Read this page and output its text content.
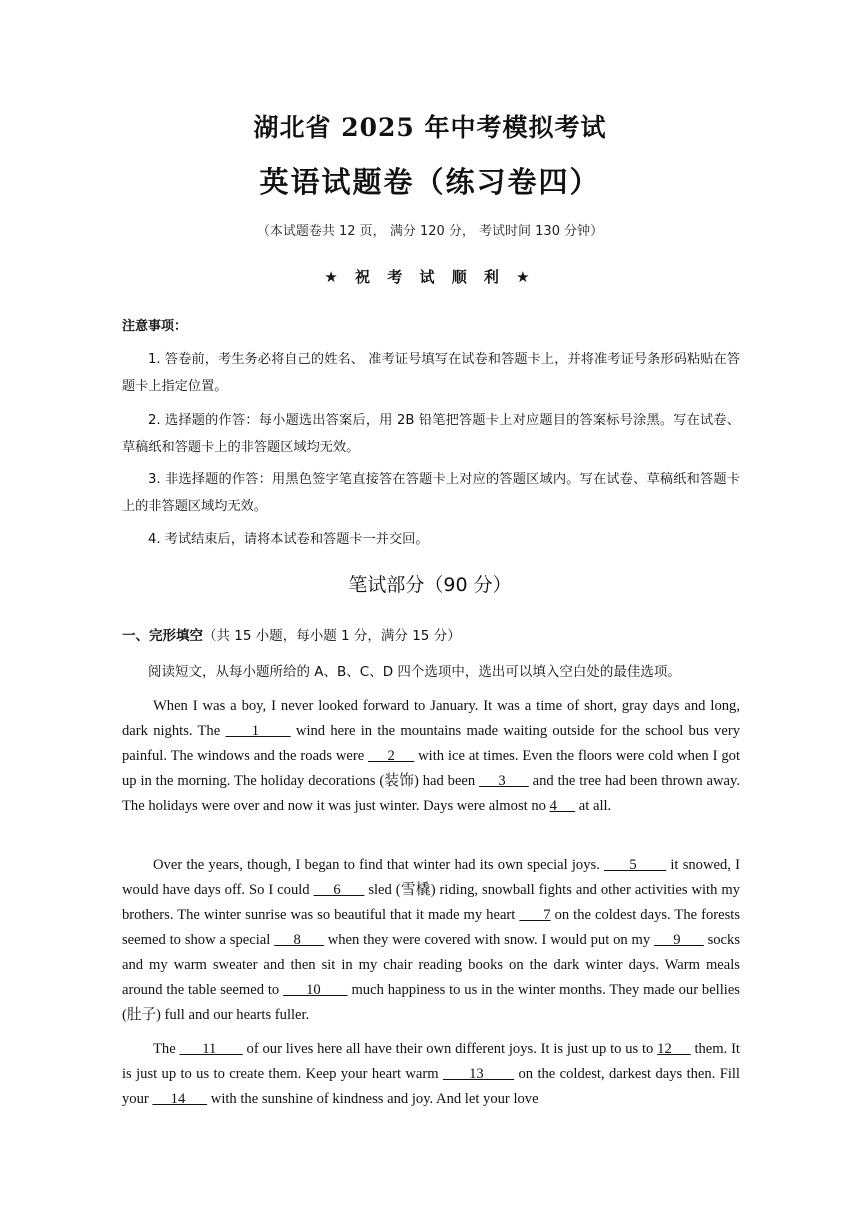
湖北省 2025 年中考模拟考试
英语试题卷（练习卷四）
（本试题卷共 12 页， 满分 120 分， 考试时间 130 分钟）
★ 祝 考 试 顺 利 ★
注意事项：
1. 答卷前，考生务必将自己的姓名、 准考证号填写在试卷和答题卡上，并将准考证号条形码粘贴在答题卡上指定位置。
2. 选择题的作答：每小题选出答案后，用 2B 铅笔把答题卡上对应题目的答案标号涂黑。写在试卷、 草稿纸和答题卡上的非答题区域均无效。
3. 非选择题的作答：用黑色签字笔直接答在答题卡上对应的答题区域内。写在试卷、草稿纸和答题卡上的非答题区域均无效。
4. 考试结束后，请将本试卷和答题卡一并交回。
笔试部分（90 分）
一、完形填空（共 15 小题，每小题 1 分，满分 15 分）
阅读短文，从每小题所给的 A、B、C、D 四个选项中，选出可以填入空白处的最佳选项。
When I was a boy, I never looked forward to January. It was a time of short, gray days and long, dark nights. The      1       wind here in the mountains made waiting outside for the school bus very painful. The windows and the roads were      2      with ice at times. Even the floors were cold when I got up in the morning. The holiday decorations (装饰) had been      3       and the tree had been thrown away. The holidays were over and now it was just winter. Days were almost no 4      at all.
Over the years, though, I began to find that winter had its own special joys.       5        it snowed, I would have days off. So I could      6       sled (雪橇) riding, snowball fights and other activities with my brothers. The winter sunrise was so beautiful that it made my heart       7 on the coldest days. The forests seemed to show a special      8       when they were covered with snow. I would put on my      9       socks and my warm sweater and then sit in my chair reading books on the dark winter days. Warm meals around the table seemed to       10        much happiness to us in the winter months. They made our bellies (肚子) full and our hearts fuller.
The       11        of our lives here all have their own different joys. It is just up to us to 12      them. It is just up to us to create them. Keep your heart warm       13        on the coldest, darkest days then. Fill your      14       with the sunshine of kindness and joy. And let your love
